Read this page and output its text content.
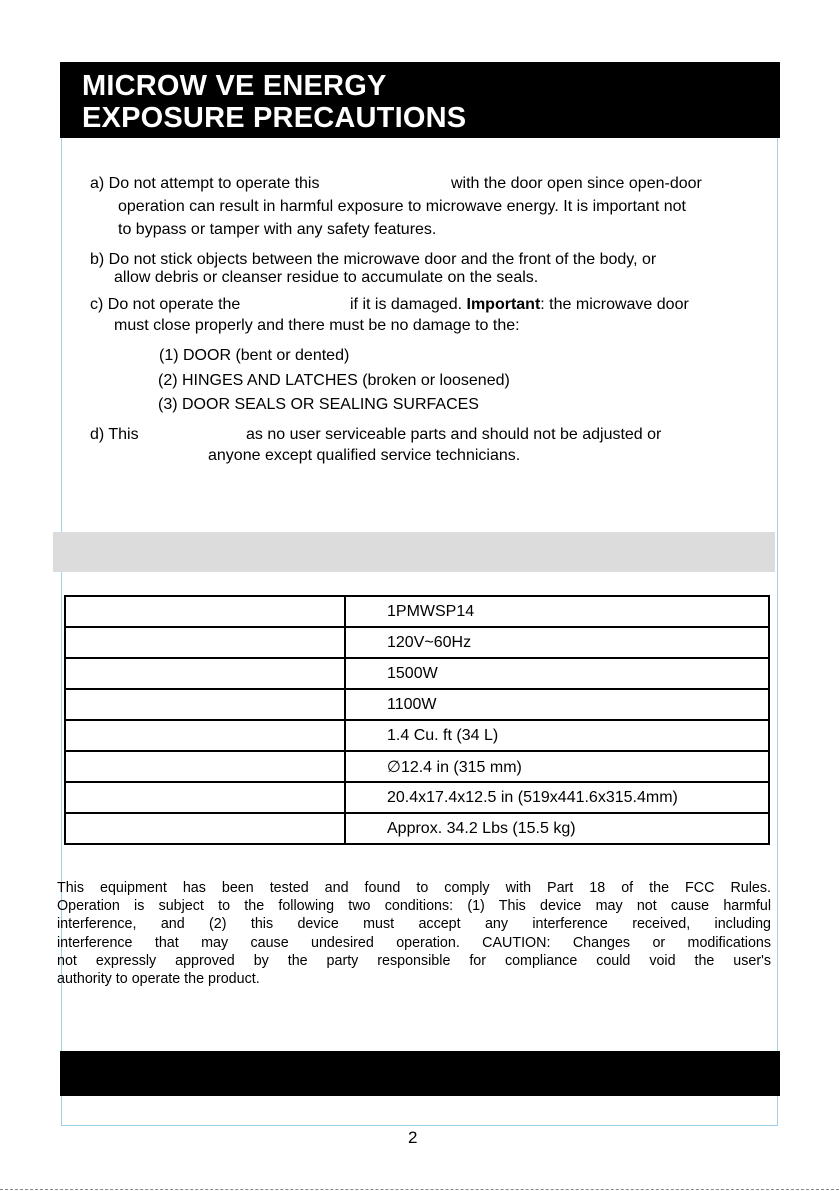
MICROW VE ENERGY
EXPOSURE PRECAUTIONS
a) Do not attempt to operate this	with the door open since open-door
operation can result in harmful exposure to microwave energy. It is important not
to bypass or tamper with any safety features.
b) Do not stick objects between the microwave door and the front of the body, or
allow debris or cleanser residue to accumulate on the seals.
c) Do not operate the	if it is damaged. Important: the microwave door
must close properly and there must be no damage to the:
(1) DOOR (bent or dented)
(2) HINGES AND LATCHES (broken or loosened)
(3) DOOR SEALS OR SEALING SURFACES
d) This	as no user serviceable parts and should not be adjusted or
anyone except qualified service technicians.
	1PMWSP14
	120V~60Hz
	1500W
	1100W
	1.4 Cu. ft (34 L)
	∅12.4 in (315 mm)
	20.4x17.4x12.5 in (519x441.6x315.4mm)
	Approx. 34.2 Lbs (15.5 kg)
This equipment has been tested and found to comply with Part 18 of the FCC Rules.
Operation is subject to the following two conditions: (1) This device may not cause harmful
interference, and (2) this device must accept any interference received, including
interference that may cause undesired operation. CAUTION: Changes or modifications
not expressly approved by the party responsible for compliance could void the user's
authority to operate the product.
2
